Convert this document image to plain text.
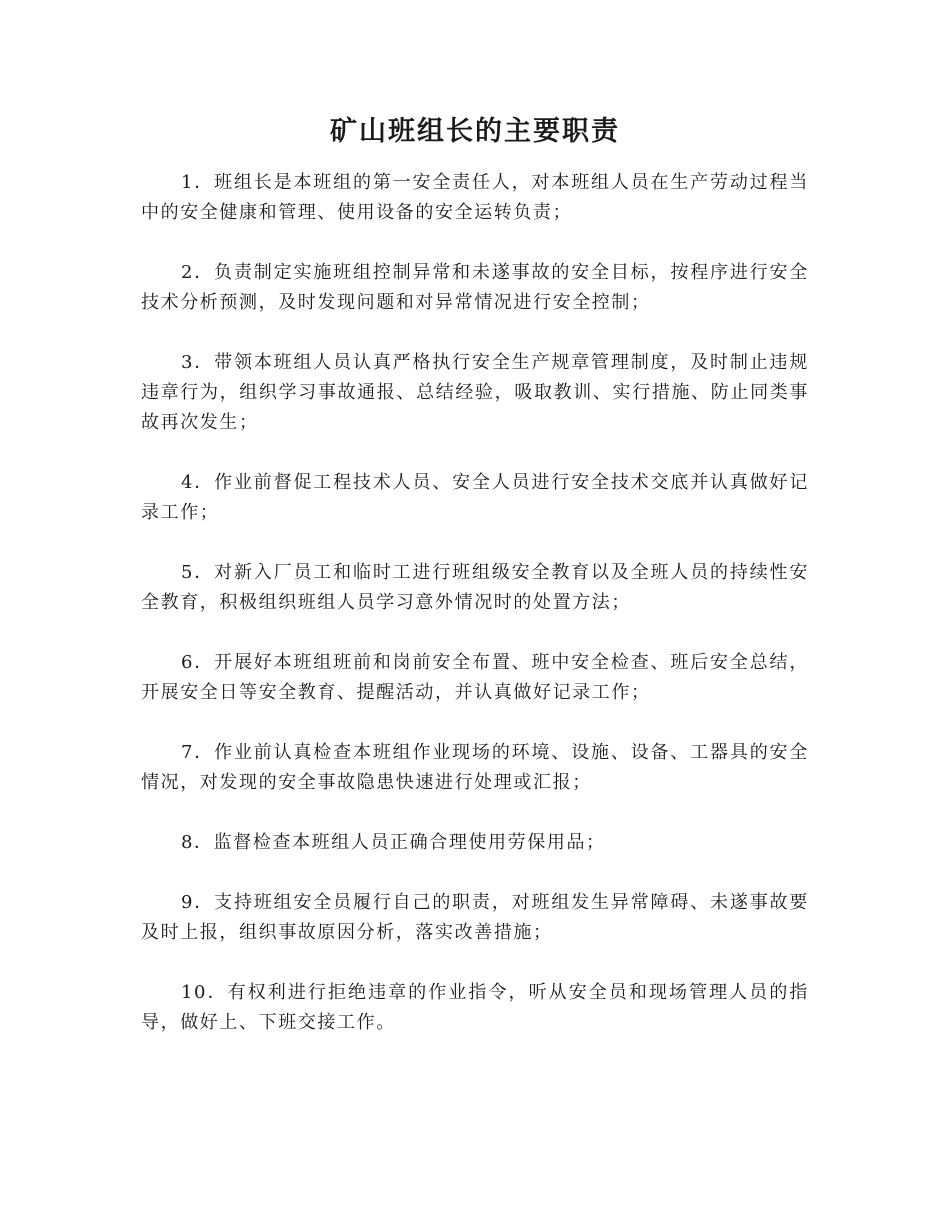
矿山班组长的主要职责

1．班组长是本班组的第一安全责任人，对本班组人员在生产劳动过程当中的安全健康和管理、使用设备的安全运转负责；

2．负责制定实施班组控制异常和未遂事故的安全目标，按程序进行安全技术分析预测，及时发现问题和对异常情况进行安全控制；

3．带领本班组人员认真严格执行安全生产规章管理制度，及时制止违规违章行为，组织学习事故通报、总结经验，吸取教训、实行措施、防止同类事故再次发生；

4．作业前督促工程技术人员、安全人员进行安全技术交底并认真做好记录工作；

5．对新入厂员工和临时工进行班组级安全教育以及全班人员的持续性安全教育，积极组织班组人员学习意外情况时的处置方法；

6．开展好本班组班前和岗前安全布置、班中安全检查、班后安全总结，开展安全日等安全教育、提醒活动，并认真做好记录工作；

7．作业前认真检查本班组作业现场的环境、设施、设备、工器具的安全情况，对发现的安全事故隐患快速进行处理或汇报；

8．监督检查本班组人员正确合理使用劳保用品；

9．支持班组安全员履行自己的职责，对班组发生异常障碍、未遂事故要及时上报，组织事故原因分析，落实改善措施；

10．有权利进行拒绝违章的作业指令，听从安全员和现场管理人员的指导，做好上、下班交接工作。
